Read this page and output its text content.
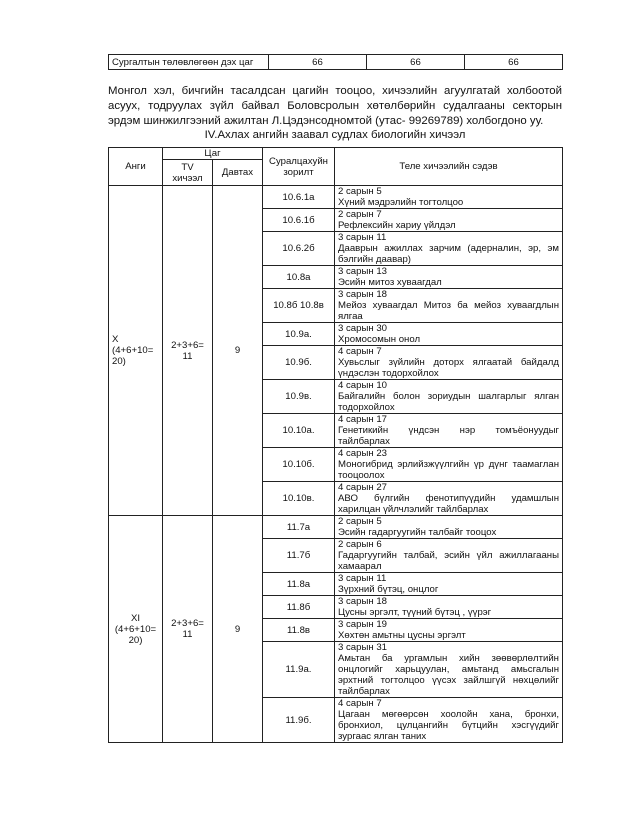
Сургалтын төлөвлөгөөн дэх цаг	66	66	66
Монгол хэл, бичгийн тасалдсан цагийн тооцоо, хичээлийн агуулгатай холбоотой асуух, тодруулах зүйл байвал Боловсролын хөтөлбөрийн судалгааны секторын эрдэм шинжилгээний ажилтан Л.Цэдэнсодномтой (утас- 99269789) холбогдоно уу.
IV.Ахлах ангийн заавал судлах биологийн хичээл
Анги	Цаг		Суралцахуйн зорилт	Теле хичээлийн сэдэв
	TV хичээл	Давтах		
X (4+6+10= 20)	2+3+6= 11	9	10.6.1а	2 сарын 5
Хүний мэдрэлийн тогтолцоо

			10.6.1б	2 сарын 7
Рефлексийн хариу үйлдэл

			10.6.2б	3 сарын 11
Дааврын ажиллах зарчим (адерналин, эр, эм бэлгийн даавар)

			10.8а	3 сарын 13
Эсийн митоз хуваагдал

			10.8б 10.8в	3 сарын 18
Мейоз хуваагдал Митоз ба мейоз хуваагдлын ялгаа

			10.9а.	3 сарын 30
Хромосомын онол

			10.9б.	4 сарын 7
Хувьслыг зүйлийн доторх ялгаатай байдалд үндэслэн тодорхойлох

			10.9в.	4 сарын 10
Байгалийн болон зориудын шалгарлыг ялган тодорхойлох

			10.10а.	4 сарын 17
Генетикийн үндсэн нэр томъёонуудыг тайлбарлах

			10.10б.	4 сарын 23
Моногибрид эрлийзжүүлгийн үр дүнг таамаглан тооцоолох

			10.10в.	4 сарын 27
АВО бүлгийн фенотипүүдийн удамшлын харилцан үйлчлэлийг тайлбарлах

XI (4+6+10= 20)	2+3+6= 11	9	11.7а	2 сарын 5
Эсийн гадаргуугийн талбайг тооцох

			11.7б	2 сарын 6
Гадаргуугийн талбай, эсийн үйл ажиллагааны хамаарал

			11.8а	3 сарын 11
Зүрхний бүтэц, онцлог

			11.8б	3 сарын 18
Цусны эргэлт, түүний бүтэц , үүрэг

			11.8в	3 сарын 19
Хөхтөн амьтны цусны эргэлт

			11.9а.	3 сарын 31
Амьтан ба ургамлын хийн зөөвөрлөлтийн онцлогийг харьцуулан, амьтанд амьсгалын эрхтний тогтолцоо үүсэх зайлшгүй нөхцөлийг тайлбарлах

			11.9б.	4 сарын 7
Цагаан мөгөөрсөн хоолойн хана, бронхи, бронхиол, цулцангийн бүтцийн хэсгүүдийг зургаас ялган таних
